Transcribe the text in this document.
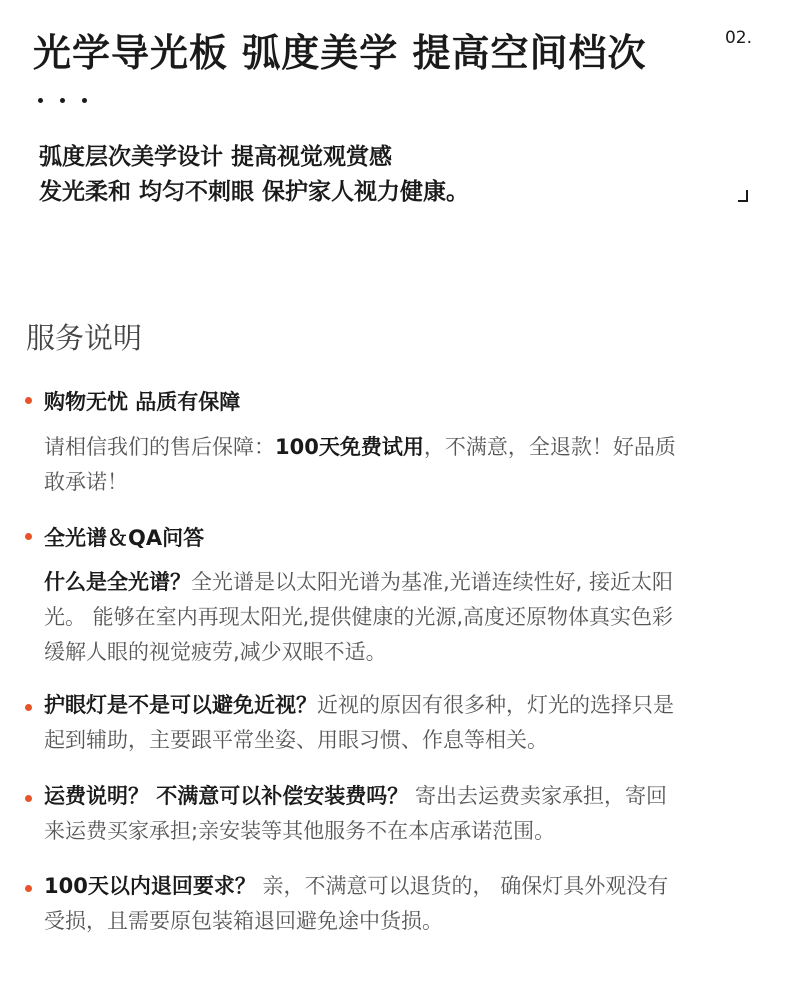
光学导光板 弧度美学 提高空间档次	02.
弧度层次美学设计 提高视觉观赏感
发光柔和 均匀不刺眼 保护家人视力健康。
服务说明
购物无忧 品质有保障
请相信我们的售后保障：100天免费试用，不满意，全退款！好品质
敢承诺！
全光谱＆QA问答
什么是全光谱？全光谱是以太阳光谱为基准,光谱连续性好, 接近太阳
光。 能够在室内再现太阳光,提供健康的光源,高度还原物体真实色彩
缓解人眼的视觉疲劳,减少双眼不适。
护眼灯是不是可以避免近视？近视的原因有很多种，灯光的选择只是
起到辅助，主要跟平常坐姿、用眼习惯、作息等相关。
运费说明？ 不满意可以补偿安装费吗？ 寄出去运费卖家承担，寄回
来运费买家承担;亲安装等其他服务不在本店承诺范围。
100天以内退回要求？ 亲，不满意可以退货的， 确保灯具外观没有
受损，且需要原包装箱退回避免途中货损。
